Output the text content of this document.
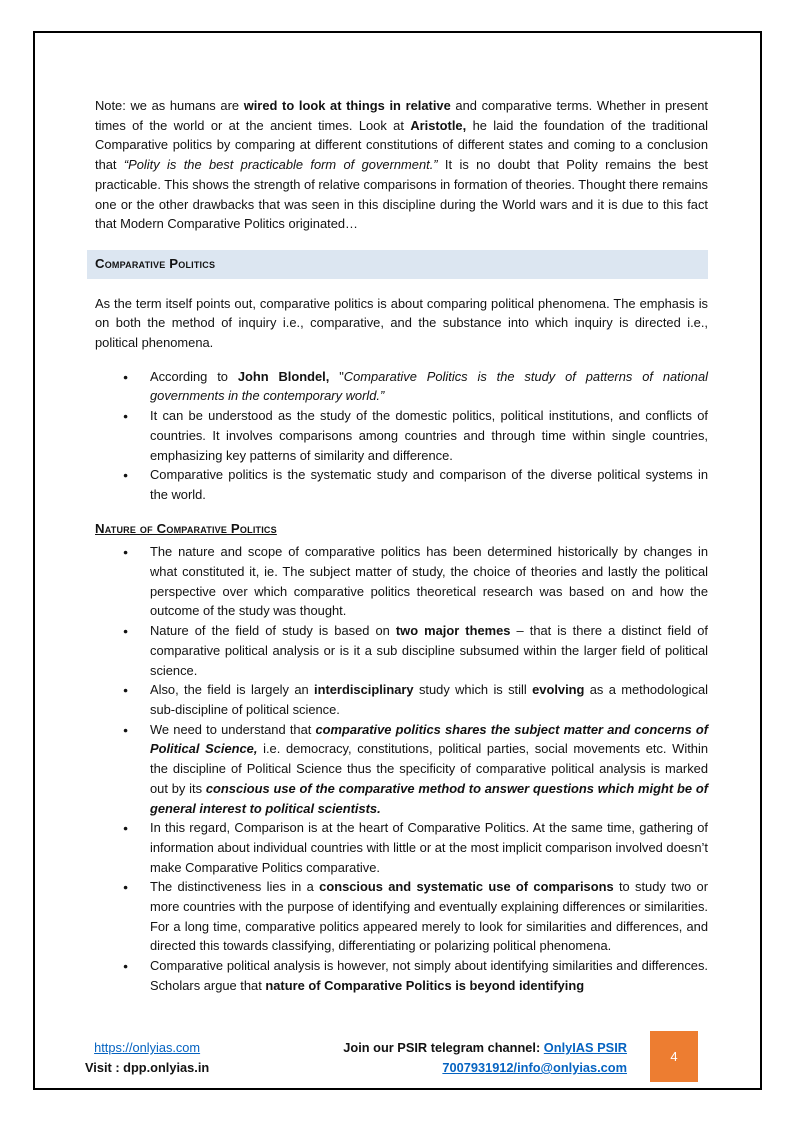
Note: we as humans are wired to look at things in relative and comparative terms. Whether in present times of the world or at the ancient times. Look at Aristotle, he laid the foundation of the traditional Comparative politics by comparing at different constitutions of different states and coming to a conclusion that “Polity is the best practicable form of government.” It is no doubt that Polity remains the best practicable. This shows the strength of relative comparisons in formation of theories. Thought there remains one or the other drawbacks that was seen in this discipline during the World wars and it is due to this fact that Modern Comparative Politics originated…

Comparative Politics

As the term itself points out, comparative politics is about comparing political phenomena. The emphasis is on both the method of inquiry i.e., comparative, and the substance into which inquiry is directed i.e., political phenomena.

● According to John Blondel, "Comparative Politics is the study of patterns of national governments in the contemporary world.”
● It can be understood as the study of the domestic politics, political institutions, and conflicts of countries. It involves comparisons among countries and through time within single countries, emphasizing key patterns of similarity and difference.
● Comparative politics is the systematic study and comparison of the diverse political systems in the world.
Nature of Comparative Politics
● The nature and scope of comparative politics has been determined historically by changes in what constituted it, ie. The subject matter of study, the choice of theories and lastly the political perspective over which comparative politics theoretical research was based on and how the outcome of the study was thought.
● Nature of the field of study is based on two major themes – that is there a distinct field of comparative political analysis or is it a sub discipline subsumed within the larger field of political science.
● Also, the field is largely an interdisciplinary study which is still evolving as a methodological sub-discipline of political science.
● We need to understand that comparative politics shares the subject matter and concerns of Political Science, i.e. democracy, constitutions, political parties, social movements etc. Within the discipline of Political Science thus the specificity of comparative political analysis is marked out by its conscious use of the comparative method to answer questions which might be of general interest to political scientists.
● In this regard, Comparison is at the heart of Comparative Politics. At the same time, gathering of information about individual countries with little or at the most implicit comparison involved doesn’t make Comparative Politics comparative.
● The distinctiveness lies in a conscious and systematic use of comparisons to study two or more countries with the purpose of identifying and eventually explaining differences or similarities. For a long time, comparative politics appeared merely to look for similarities and differences, and directed this towards classifying, differentiating or polarizing political phenomena.
● Comparative political analysis is however, not simply about identifying similarities and differences. Scholars argue that nature of Comparative Politics is beyond identifying
https://onlyias.com
Visit : dpp.onlyias.in
Join our PSIR telegram channel: OnlyIAS PSIR
7007931912/info@onlyias.com
4
